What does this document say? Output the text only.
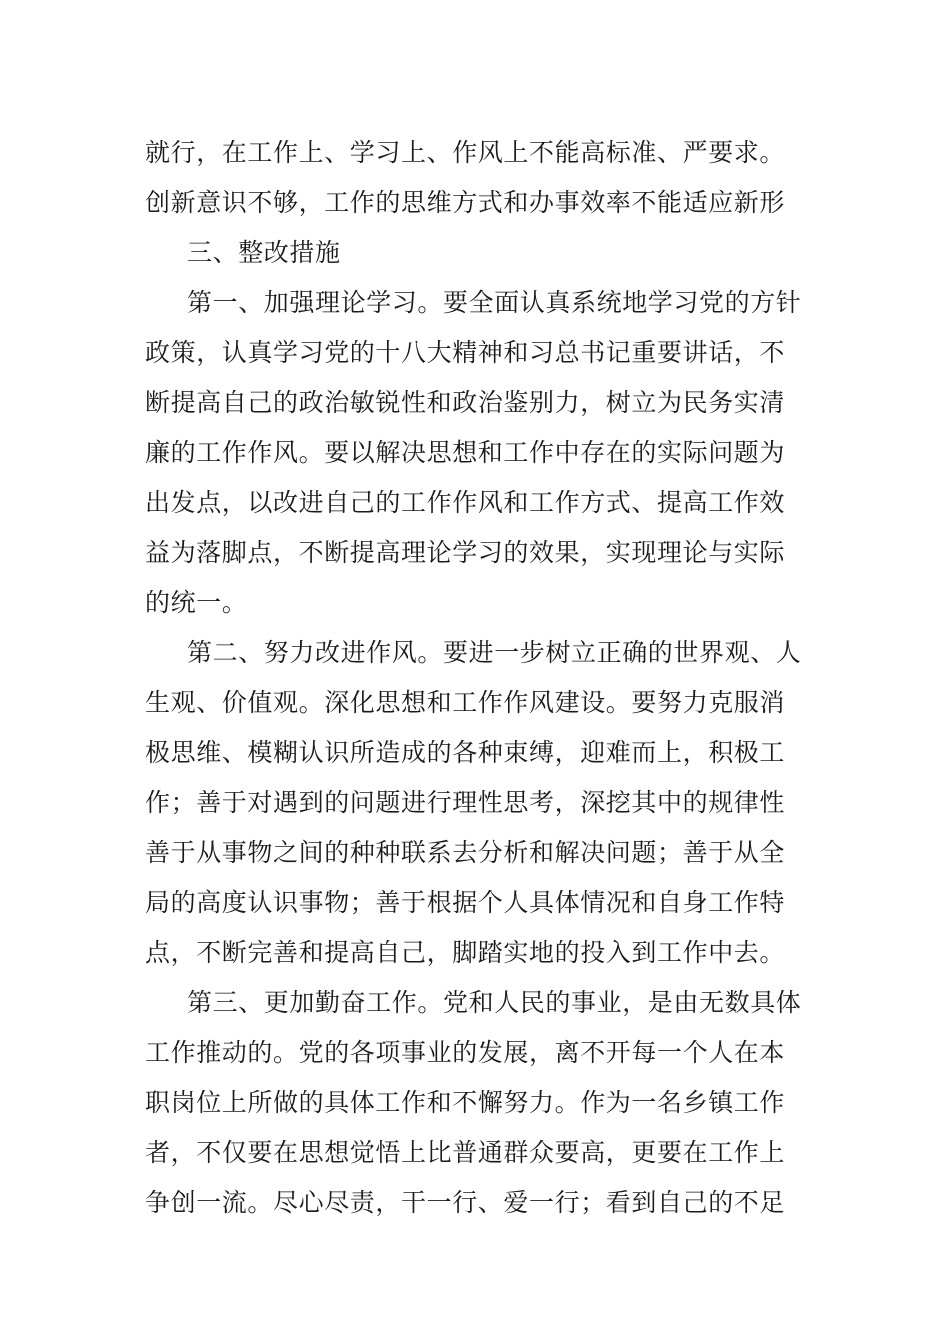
就行，在工作上、学习上、作风上不能高标准、严要求。
创新意识不够，工作的思维方式和办事效率不能适应新形
三、整改措施
第一、加强理论学习。要全面认真系统地学习党的方针
政策，认真学习党的十八大精神和习总书记重要讲话，不
断提高自己的政治敏锐性和政治鉴别力，树立为民务实清
廉的工作作风。要以解决思想和工作中存在的实际问题为
出发点，以改进自己的工作作风和工作方式、提高工作效
益为落脚点，不断提高理论学习的效果，实现理论与实际
的统一。
第二、努力改进作风。要进一步树立正确的世界观、人
生观、价值观。深化思想和工作作风建设。要努力克服消
极思维、模糊认识所造成的各种束缚，迎难而上，积极工
作；善于对遇到的问题进行理性思考，深挖其中的规律性
善于从事物之间的种种联系去分析和解决问题；善于从全
局的高度认识事物；善于根据个人具体情况和自身工作特
点，不断完善和提高自己，脚踏实地的投入到工作中去。
第三、更加勤奋工作。党和人民的事业，是由无数具体
工作推动的。党的各项事业的发展，离不开每一个人在本
职岗位上所做的具体工作和不懈努力。作为一名乡镇工作
者，不仅要在思想觉悟上比普通群众要高，更要在工作上
争创一流。尽心尽责，干一行、爱一行；看到自己的不足
